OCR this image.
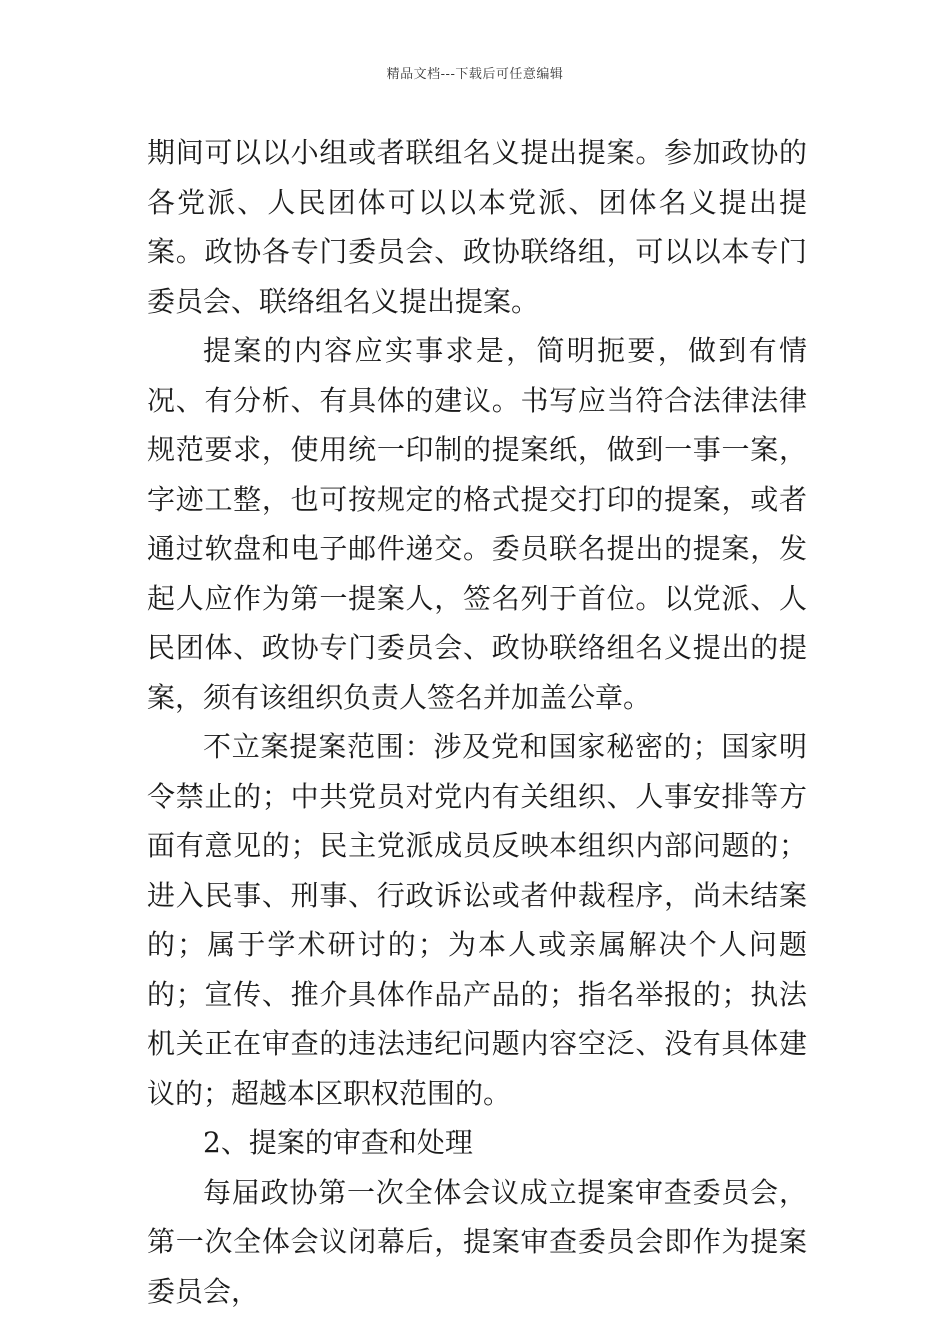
精品文档---下载后可任意编辑

期间可以以小组或者联组名义提出提案。参加政协的各党派、人民团体可以以本党派、团体名义提出提案。政协各专门委员会、政协联络组，可以以本专门委员会、联络组名义提出提案。

提案的内容应实事求是，简明扼要，做到有情况、有分析、有具体的建议。书写应当符合法律法律规范要求，使用统一印制的提案纸，做到一事一案，字迹工整，也可按规定的格式提交打印的提案，或者通过软盘和电子邮件递交。委员联名提出的提案，发起人应作为第一提案人，签名列于首位。以党派、人民团体、政协专门委员会、政协联络组名义提出的提案，须有该组织负责人签名并加盖公章。

不立案提案范围：涉及党和国家秘密的；国家明令禁止的；中共党员对党内有关组织、人事安排等方面有意见的；民主党派成员反映本组织内部问题的；进入民事、刑事、行政诉讼或者仲裁程序，尚未结案的；属于学术研讨的；为本人或亲属解决个人问题的；宣传、推介具体作品产品的；指名举报的；执法机关正在审查的违法违纪问题内容空泛、没有具体建议的；超越本区职权范围的。

2、提案的审查和处理

每届政协第一次全体会议成立提案审查委员会，第一次全体会议闭幕后，提案审查委员会即作为提案委员会，
